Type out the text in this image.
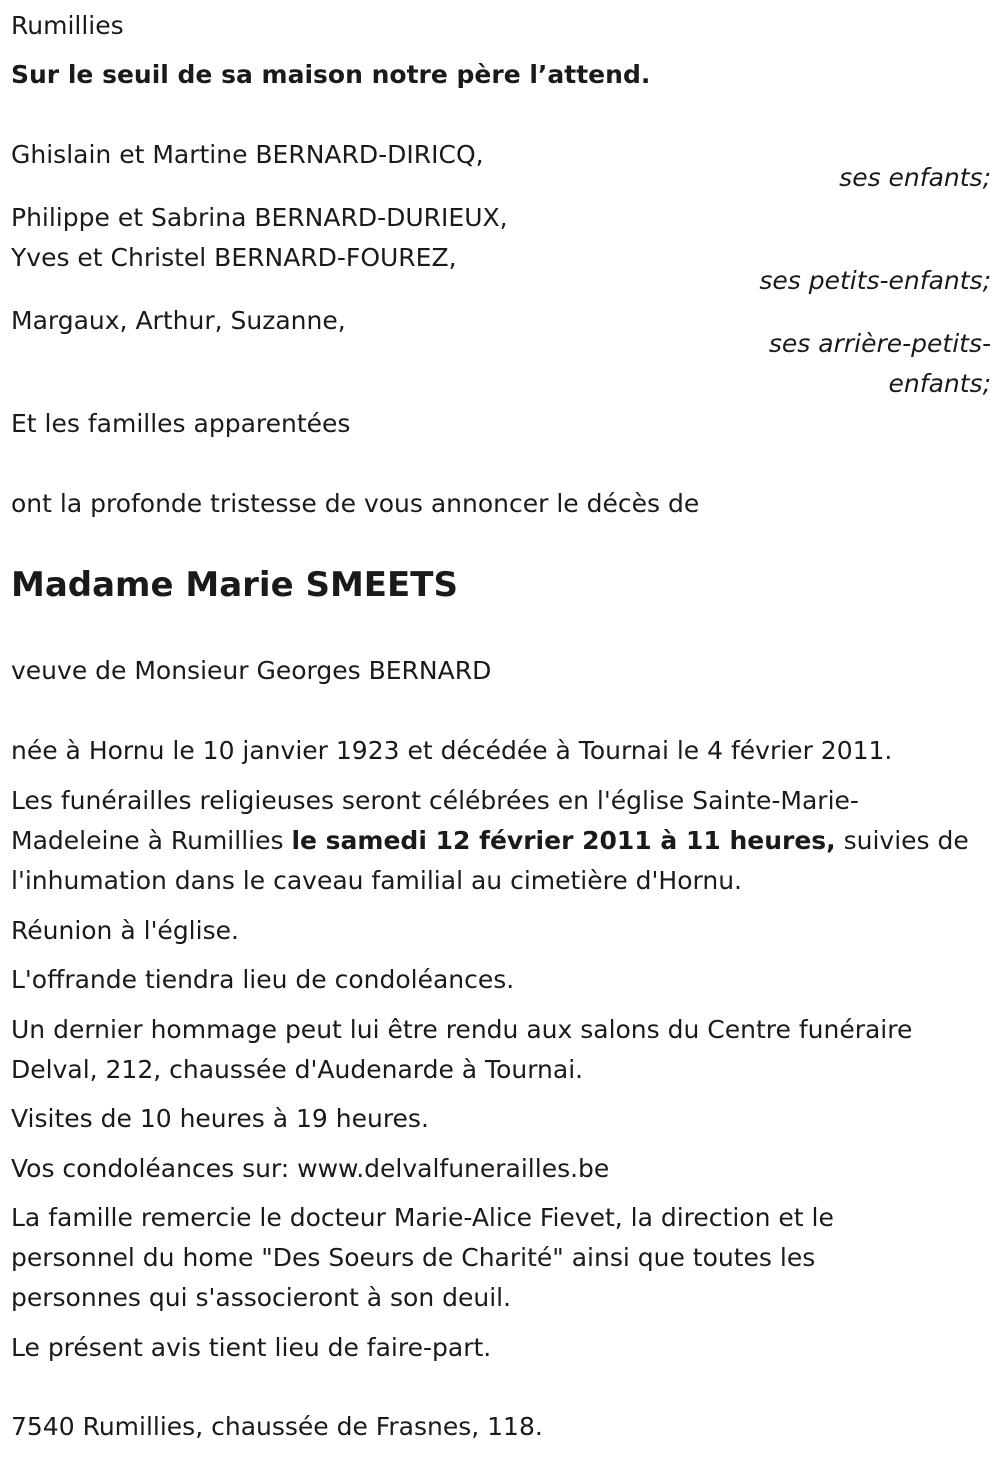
Rumillies
Sur le seuil de sa maison notre père l’attend.
Ghislain et Martine BERNARD-DIRICQ,
ses enfants;
Philippe et Sabrina BERNARD-DURIEUX,
Yves et Christel BERNARD-FOUREZ,
ses petits-enfants;
Margaux, Arthur, Suzanne,
ses arrière-petits-
enfants;
Et les familles apparentées
ont la profonde tristesse de vous annoncer le décès de
Madame Marie SMEETS
veuve de Monsieur Georges BERNARD
née à Hornu le 10 janvier 1923 et décédée à Tournai le 4 février 2011.
Les funérailles religieuses seront célébrées en l'église Sainte-Marie-
Madeleine à Rumillies le samedi 12 février 2011 à 11 heures, suivies de
l'inhumation dans le caveau familial au cimetière d'Hornu.
Réunion à l'église.
L'offrande tiendra lieu de condoléances.
Un dernier hommage peut lui être rendu aux salons du Centre funéraire
Delval, 212, chaussée d'Audenarde à Tournai.
Visites de 10 heures à 19 heures.
Vos condoléances sur: www.delvalfunerailles.be
La famille remercie le docteur Marie-Alice Fievet, la direction et le
personnel du home "Des Soeurs de Charité" ainsi que toutes les
personnes qui s'associeront à son deuil.
Le présent avis tient lieu de faire-part.
7540 Rumillies, chaussée de Frasnes, 118.
